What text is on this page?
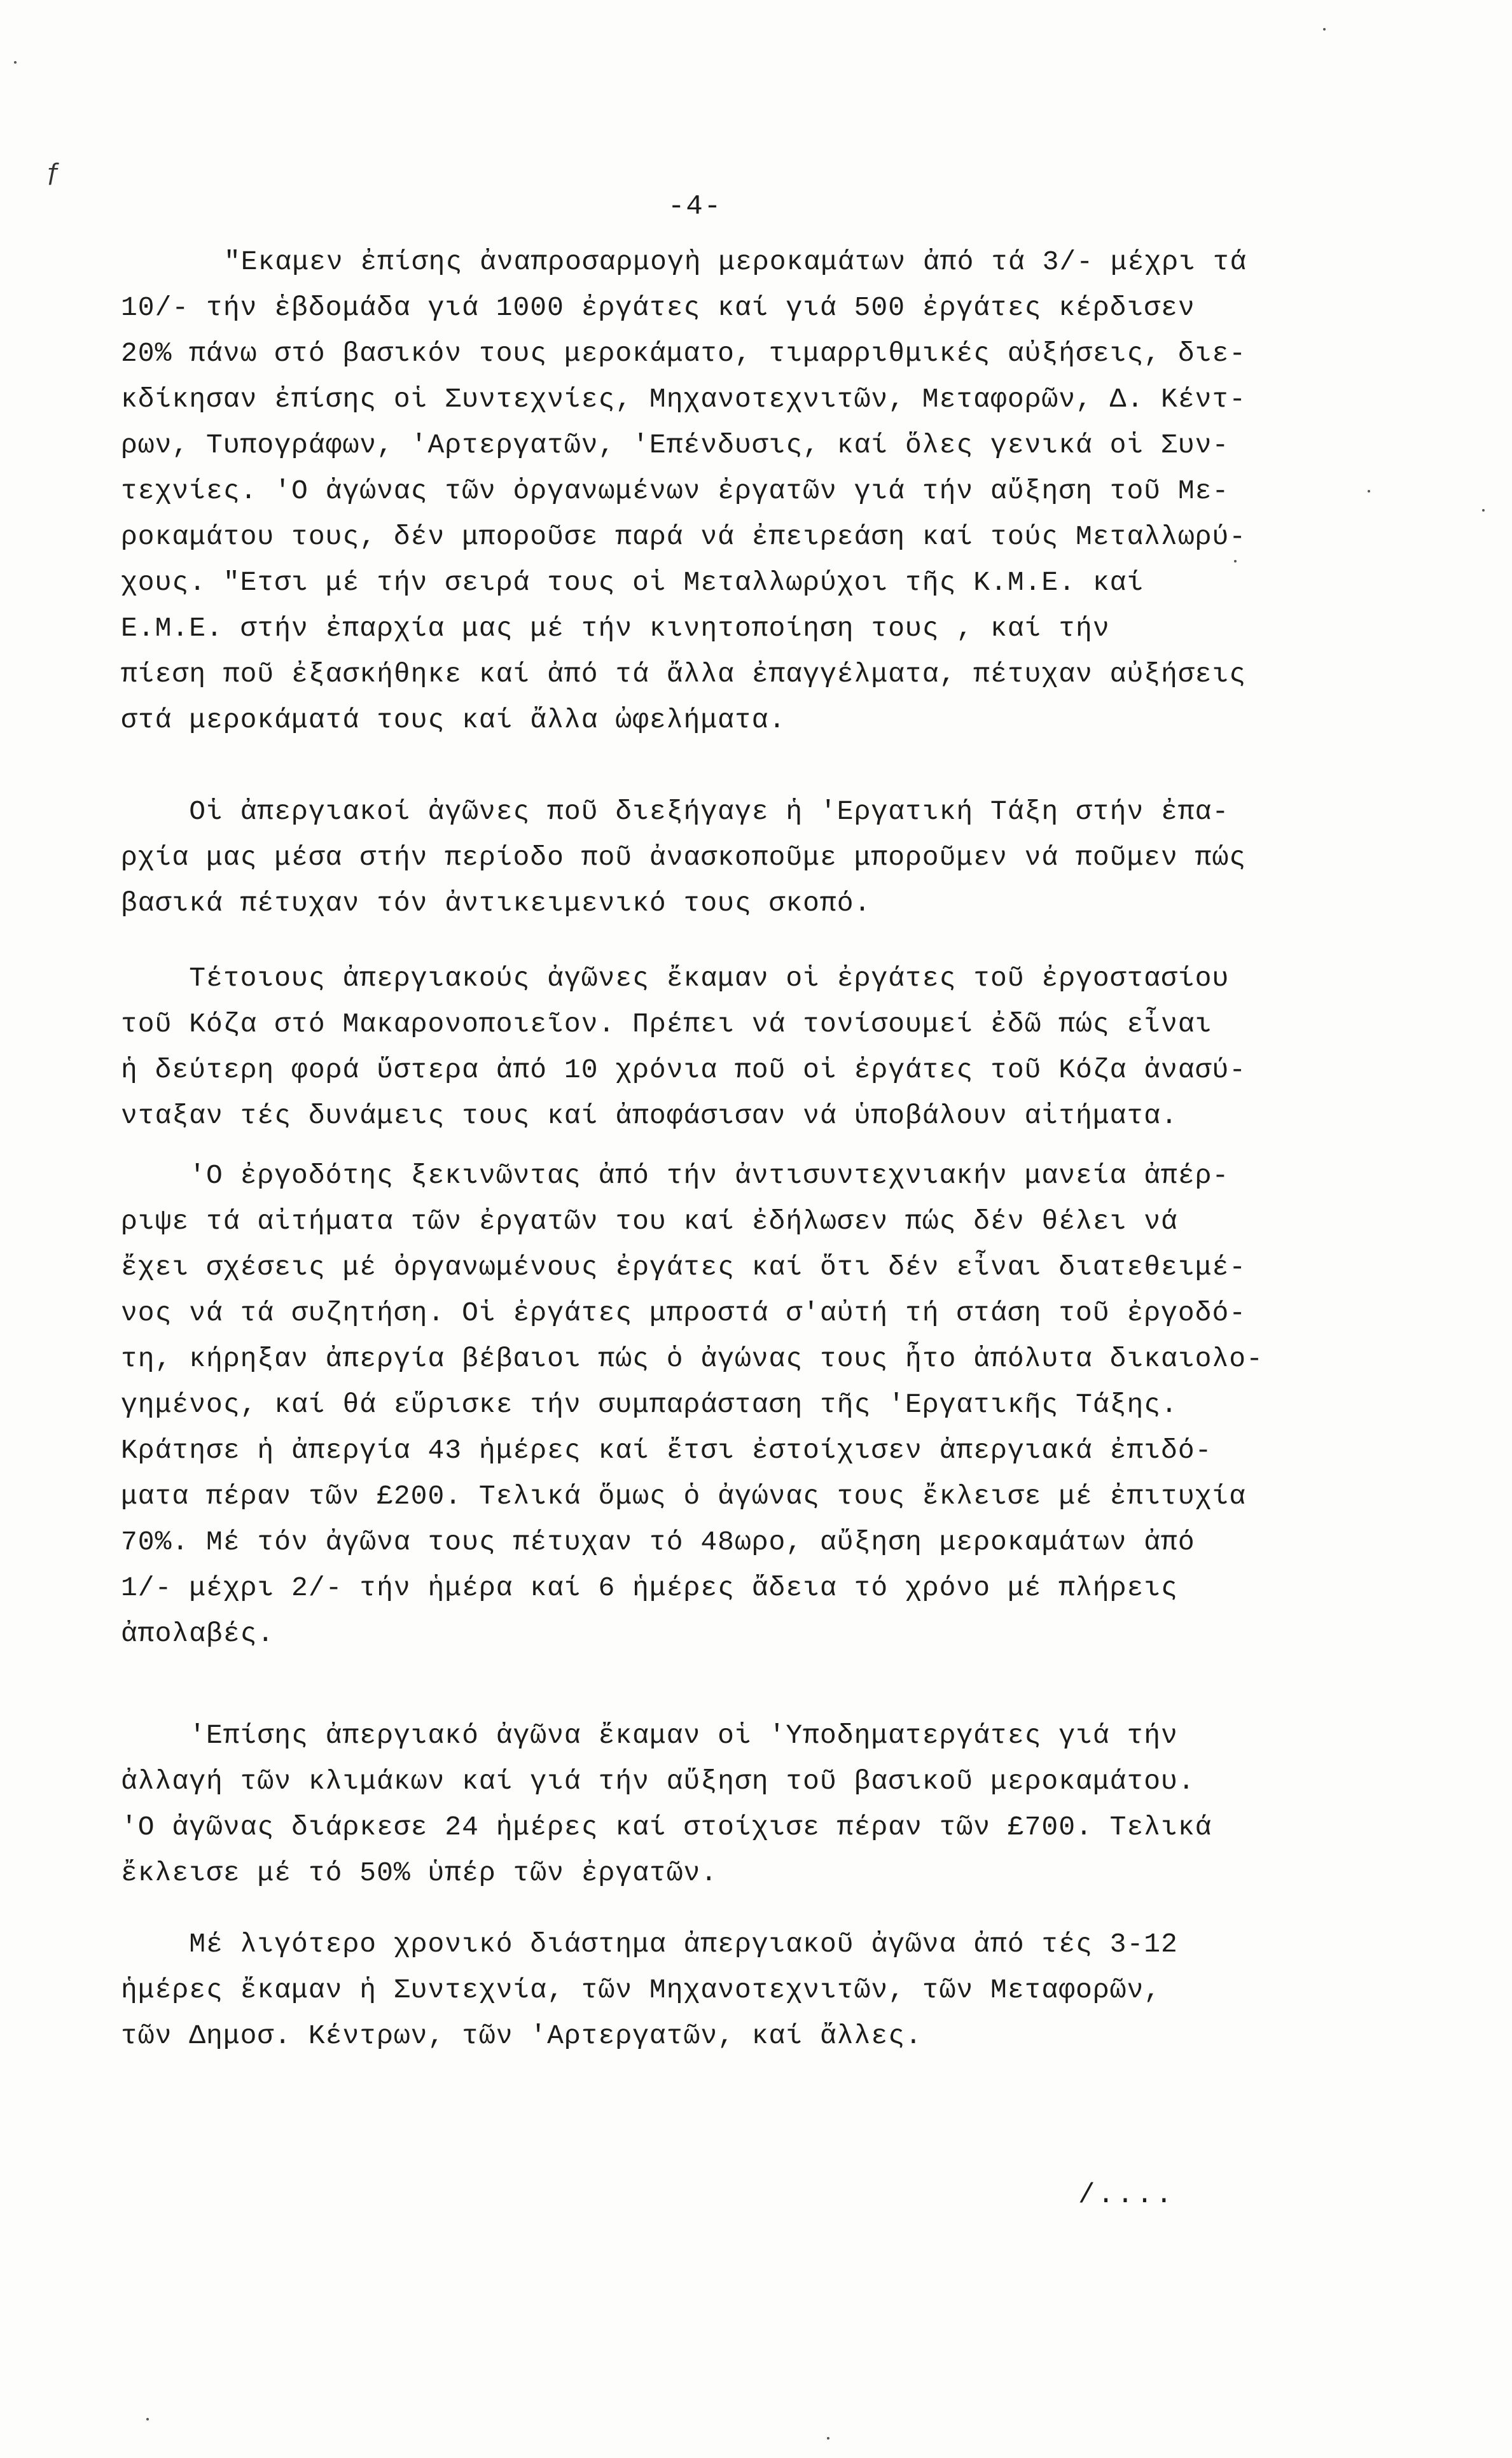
ƒ
-4-
"Εκαμεν ἐπίσης ἀναπροσαρμογὴ μεροκαμάτων ἀπό τά 3/- μέχρι τά
10/- τήν ἑβδομάδα γιά 1000 ἐργάτες καί γιά 500 ἐργάτες κέρδισεν
20% πάνω στό βασικόν τους μεροκάματο, τιμαρριθμικές αὐξήσεις, διε-
κδίκησαν ἐπίσης οἱ Συντεχνίες, Μηχανοτεχνιτῶν, Μεταφορῶν, Δ. Κέντ-
ρων, Τυπογράφων, 'Αρτεργατῶν, 'Επένδυσις, καί ὅλες γενικά οἱ Συν-
τεχνίες. 'Ο ἀγώνας τῶν ὀργανωμένων ἐργατῶν γιά τήν αὔξηση τοῦ Με-
ροκαμάτου τους, δέν μποροῦσε παρά νά ἐπειρεάση καί τούς Μεταλλωρύ-
χους. "Ετσι μέ τήν σειρά τους οἱ Μεταλλωρύχοι τῆς Κ.Μ.Ε. καί
Ε.Μ.Ε. στήν ἐπαρχία μας μέ τήν κινητοποίηση τους , καί τήν
πίεση ποῦ ἐξασκήθηκε καί ἀπό τά ἄλλα ἐπαγγέλματα, πέτυχαν αὐξήσεις
στά μεροκάματά τους καί ἄλλα ὠφελήματα.
Οἱ ἀπεργιακοί ἀγῶνες ποῦ διεξήγαγε ἡ 'Εργατική Τάξη στήν ἐπα-
ρχία μας μέσα στήν περίοδο ποῦ ἀνασκοποῦμε μποροῦμεν νά ποῦμεν πώς
βασικά πέτυχαν τόν ἀντικειμενικό τους σκοπό.
Τέτοιους ἀπεργιακούς ἀγῶνες ἔκαμαν οἱ ἐργάτες τοῦ ἐργοστασίου
τοῦ Κόζα στό Μακαρονοποιεῖον. Πρέπει νά τονίσουμεί ἐδῶ πώς εἶναι
ἡ δεύτερη φορά ὕστερα ἀπό 10 χρόνια ποῦ οἱ ἐργάτες τοῦ Κόζα ἀνασύ-
νταξαν τές δυνάμεις τους καί ἀποφάσισαν νά ὑποβάλουν αἰτήματα.
'Ο ἐργοδότης ξεκινῶντας ἀπό τήν ἀντισυντεχνιακήν μανεία ἀπέρ-
ριψε τά αἰτήματα τῶν ἐργατῶν του καί ἐδήλωσεν πώς δέν θέλει νά
ἔχει σχέσεις μέ ὀργανωμένους ἐργάτες καί ὅτι δέν εἶναι διατεθειμέ-
νος νά τά συζητήση. Οἱ ἐργάτες μπροστά σ'αὐτή τή στάση τοῦ ἐργοδό-
τη, κήρηξαν ἀπεργία βέβαιοι πώς ὁ ἀγώνας τους ἦτο ἀπόλυτα δικαιολο-
γημένος, καί θά εὕρισκε τήν συμπαράσταση τῆς 'Εργατικῆς Τάξης.
Κράτησε ἡ ἀπεργία 43 ἡμέρες καί ἔτσι ἐστοίχισεν ἀπεργιακά ἐπιδό-
ματα πέραν τῶν £200. Τελικά ὅμως ὁ ἀγώνας τους ἔκλεισε μέ ἐπιτυχία
70%. Μέ τόν ἀγῶνα τους πέτυχαν τό 48ωρο, αὔξηση μεροκαμάτων ἀπό
1/- μέχρι 2/- τήν ἡμέρα καί 6 ἡμέρες ἄδεια τό χρόνο μέ πλήρεις
ἀπολαβές.
'Επίσης ἀπεργιακό ἀγῶνα ἔκαμαν οἱ 'Υποδηματεργάτες γιά τήν
ἀλλαγή τῶν κλιμάκων καί γιά τήν αὔξηση τοῦ βασικοῦ μεροκαμάτου.
'Ο ἀγῶνας διάρκεσε 24 ἡμέρες καί στοίχισε πέραν τῶν £700. Τελικά
ἔκλεισε μέ τό 50% ὑπέρ τῶν ἐργατῶν.
Μέ λιγότερο χρονικό διάστημα ἀπεργιακοῦ ἀγῶνα ἀπό τές 3-12
ἡμέρες ἔκαμαν ἡ Συντεχνία, τῶν Μηχανοτεχνιτῶν, τῶν Μεταφορῶν,
τῶν Δημοσ. Κέντρων, τῶν 'Αρτεργατῶν, καί ἄλλες.
/....
